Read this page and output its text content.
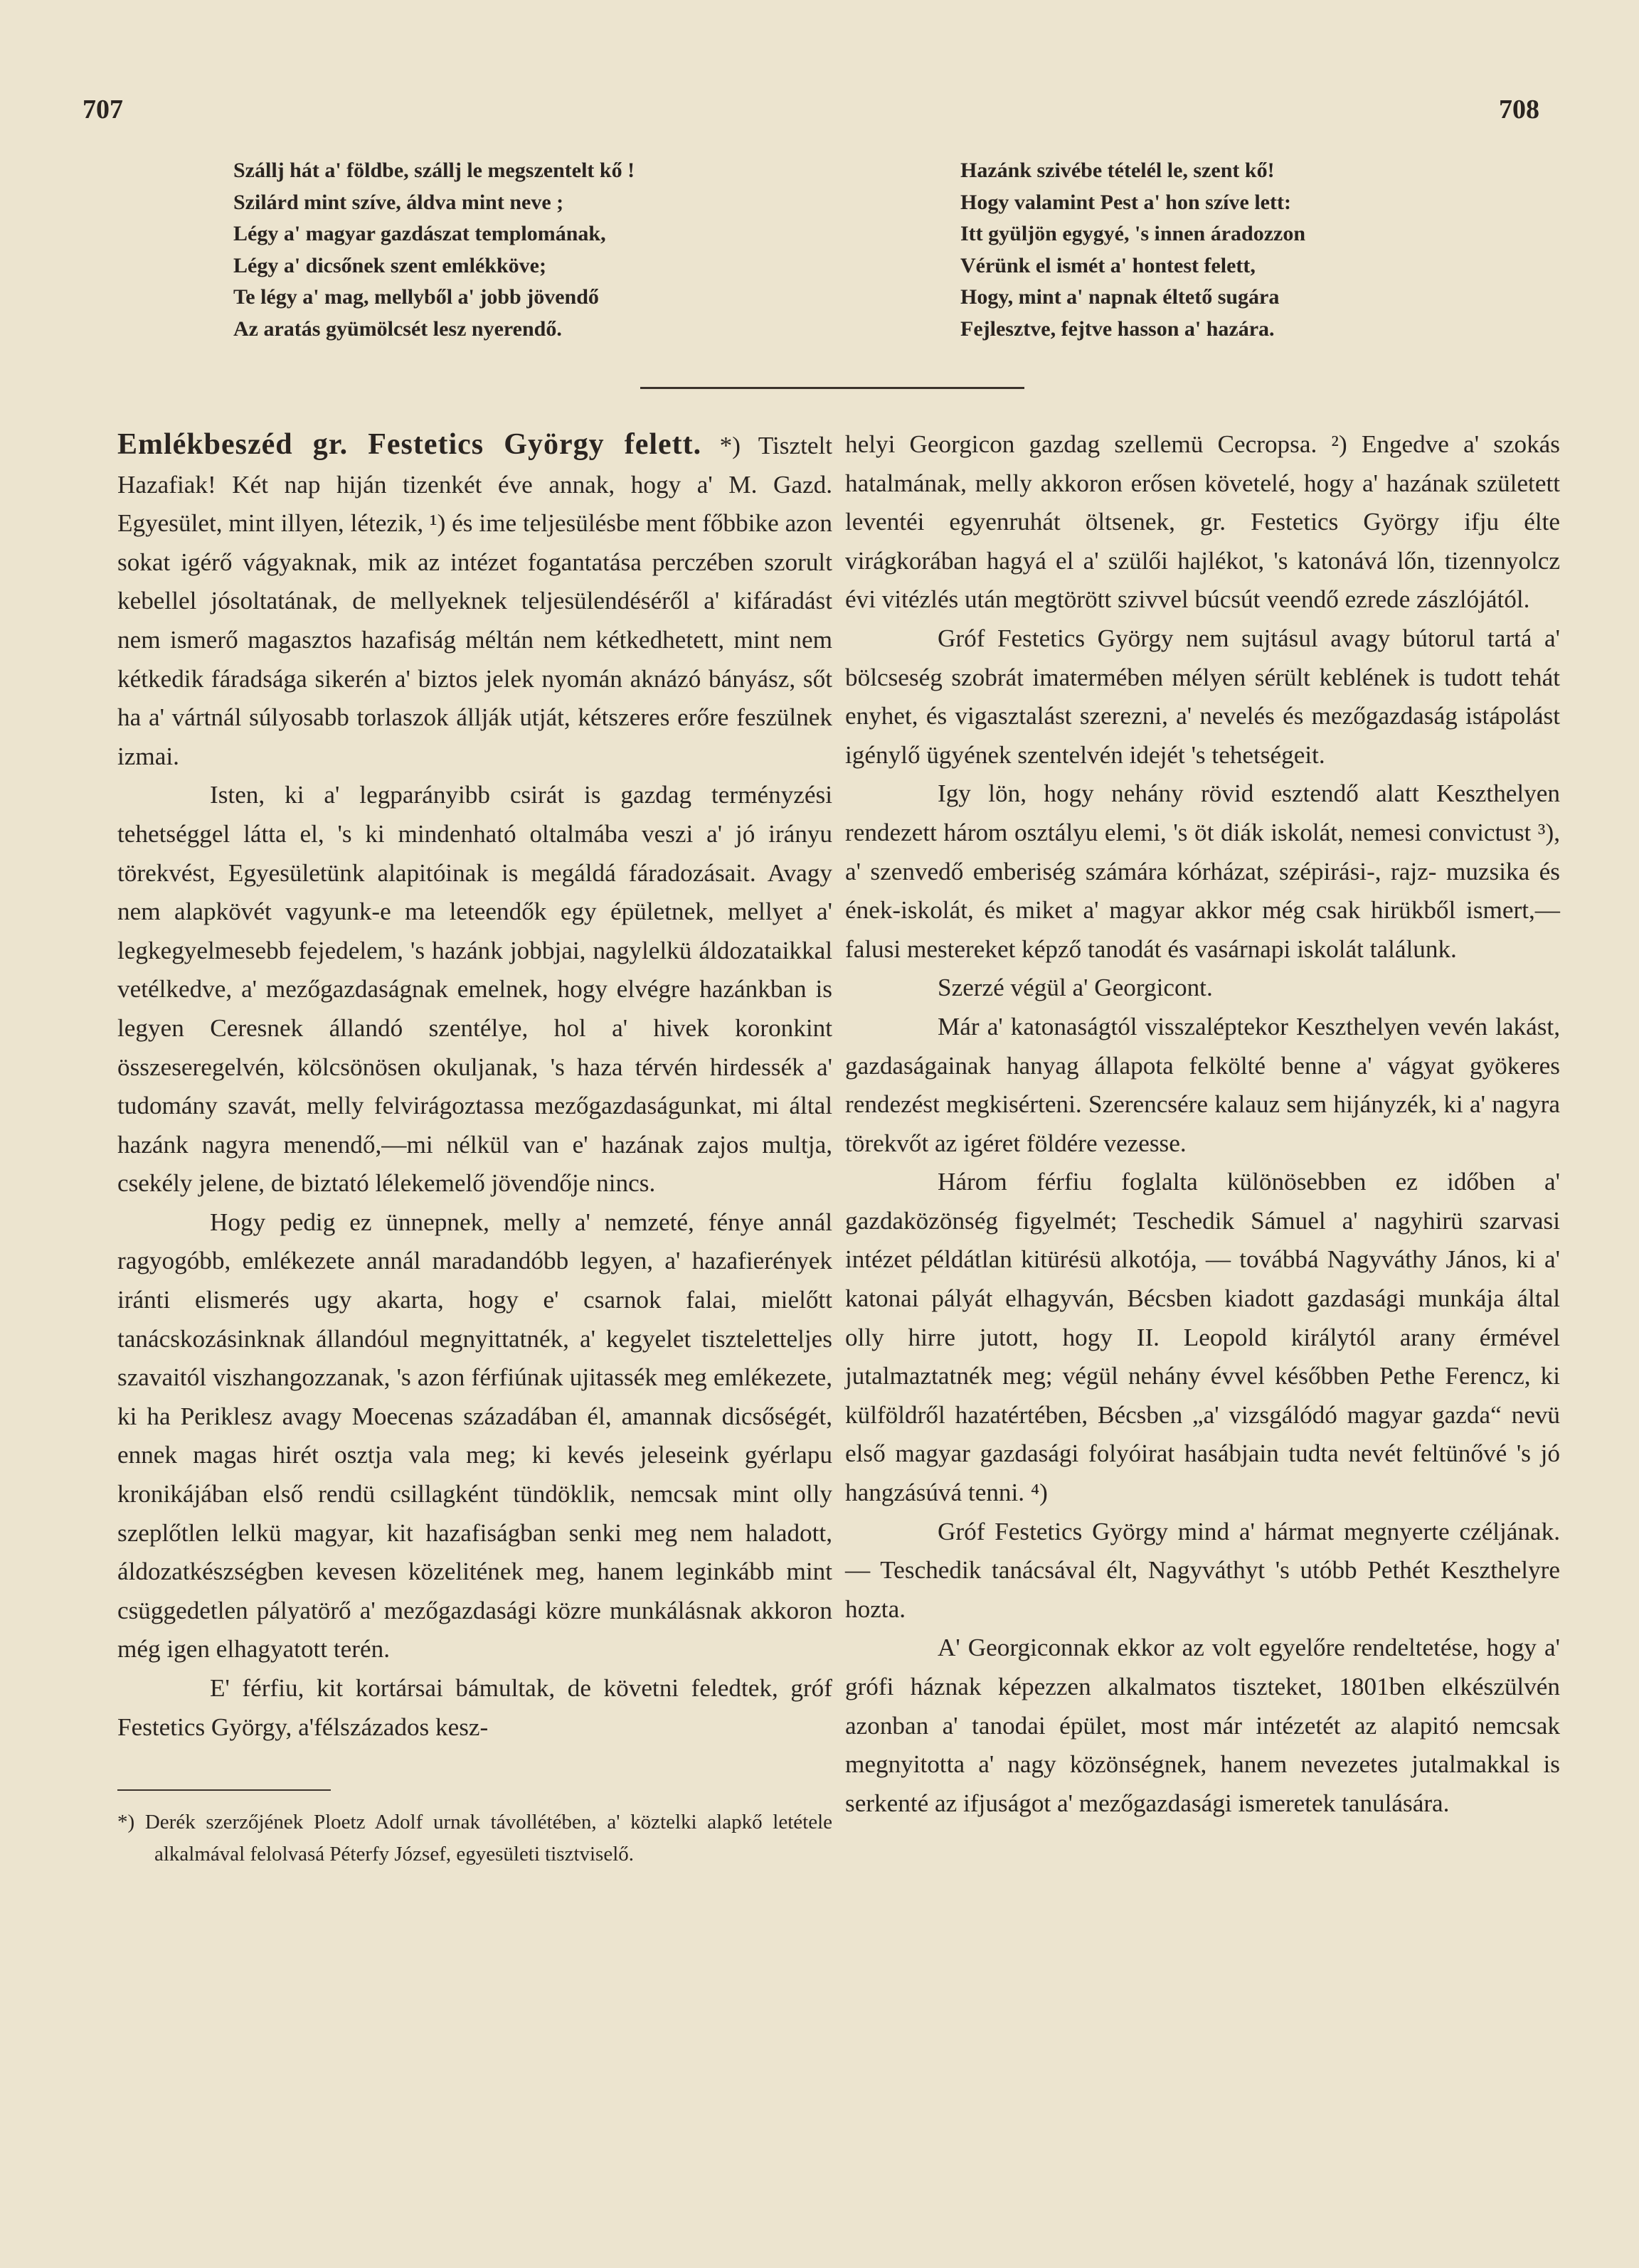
707	708

Szállj hát a' földbe, szállj le megszentelt kő !

Szilárd mint szíve, áldva mint neve ;

Légy a' magyar gazdászat templomának,

Légy a' dicsőnek szent emlékköve;

Te légy a' mag, mellyből a' jobb jövendő

Az aratás gyümölcsét lesz nyerendő.

Hazánk szivébe tételél le, szent kő!

Hogy valamint Pest a' hon szíve lett:

Itt gyüljön egygyé, 's innen áradozzon

Vérünk el ismét a' hontest felett,

Hogy, mint a' napnak éltető sugára

Fejlesztve, fejtve hasson a' hazára.

Emlékbeszéd gr. Festetics György felett. *) Tisztelt Hazafiak! Két nap hiján tizenkét éve annak, hogy a' M. Gazd. Egyesület, mint illyen, létezik, ¹) és ime teljesülésbe ment főbbike azon sokat igérő vágyaknak, mik az intézet fogantatása perczében szorult kebellel jósoltatának, de mellyeknek teljesülendéséről a' kifáradást nem ismerő magasztos hazafiság méltán nem kétkedhetett, mint nem kétkedik fáradsága sikerén a' biztos jelek nyomán aknázó bányász, sőt ha a' vártnál súlyosabb torlaszok állják utját, kétszeres erőre feszülnek izmai.

Isten, ki a' legparányibb csirát is gazdag terményzési tehetséggel látta el, 's ki mindenható oltalmába veszi a' jó irányu törekvést, Egyesületünk alapitóinak is megáldá fáradozásait. Avagy nem alapkövét vagyunk-e ma leteendők egy épületnek, mellyet a' legkegyelmesebb fejedelem, 's hazánk jobbjai, nagylelkü áldozataikkal vetélkedve, a' mezőgazdaságnak emelnek, hogy elvégre hazánkban is legyen Ceresnek állandó szentélye, hol a' hivek koronkint összeseregelvén, kölcsönösen okuljanak, 's haza térvén hirdessék a' tudomány szavát, melly felvirágoztassa mezőgazdaságunkat, mi által hazánk nagyra menendő,—mi nélkül van e' hazának zajos multja, csekély jelene, de biztató lélekemelő jövendője nincs.

Hogy pedig ez ünnepnek, melly a' nemzeté, fénye annál ragyogóbb, emlékezete annál maradandóbb legyen, a' hazafierények iránti elismerés ugy akarta, hogy e' csarnok falai, mielőtt tanácskozásinknak állandóul megnyittatnék, a' kegyelet tiszteletteljes szavaitól viszhangozzanak, 's azon férfiúnak ujitassék meg emlékezete, ki ha Periklesz avagy Moecenas századában él, amannak dicsőségét, ennek magas hirét osztja vala meg; ki kevés jeleseink gyérlapu kronikájában első rendü csillagként tündöklik, nemcsak mint olly szeplőtlen lelkü magyar, kit hazafiságban senki meg nem haladott, áldozatkészségben kevesen közelitének meg, hanem leginkább mint csüggedetlen pályatörő a' mezőgazdasági közre munkálásnak akkoron még igen elhagyatott terén.

E' férfiu, kit kortársai bámultak, de követni feledtek, gróf Festetics György, a'félszázados kesz-

*) Derék szerzőjének Ploetz Adolf urnak távollétében, a' köztelki alapkő letétele alkalmával felolvasá Péterfy József, egyesületi tisztviselő.

helyi Georgicon gazdag szellemü Cecropsa. ²) Engedve a' szokás hatalmának, melly akkoron erősen követelé, hogy a' hazának született leventéi egyenruhát öltsenek, gr. Festetics György ifju élte virágkorában hagyá el a' szülői hajlékot, 's katonává lőn, tizennyolcz évi vitézlés után megtörött szivvel búcsút veendő ezrede zászlójától.

Gróf Festetics György nem sujtásul avagy bútorul tartá a' bölcseség szobrát imatermében mélyen sérült keblének is tudott tehát enyhet, és vigasztalást szerezni, a' nevelés és mezőgazdaság istápolást igénylő ügyének szentelvén idejét 's tehetségeit.

Igy lön, hogy nehány rövid esztendő alatt Keszthelyen rendezett három osztályu elemi, 's öt diák iskolát, nemesi convictust ³), a' szenvedő emberiség számára kórházat, szépirási-, rajz- muzsika és ének-iskolát, és miket a' magyar akkor még csak hirükből ismert,—falusi mestereket képző tanodát és vasárnapi iskolát találunk.

Szerzé végül a' Georgicont.

Már a' katonaságtól visszaléptekor Keszthelyen vevén lakást, gazdaságainak hanyag állapota felkölté benne a' vágyat gyökeres rendezést megkisérteni. Szerencsére kalauz sem hijányzék, ki a' nagyra törekvőt az igéret földére vezesse.

Három férfiu foglalta különösebben ez időben a' gazdaközönség figyelmét; Teschedik Sámuel a' nagyhirü szarvasi intézet példátlan kitürésü alkotója, — továbbá Nagyváthy János, ki a' katonai pályát elhagyván, Bécsben kiadott gazdasági munkája által olly hirre jutott, hogy II. Leopold királytól arany érmével jutalmaztatnék meg; végül nehány évvel későbben Pethe Ferencz, ki külföldről hazatértében, Bécsben „a' vizsgálódó magyar gazda“ nevü első magyar gazdasági folyóirat hasábjain tudta nevét feltünővé 's jó hangzásúvá tenni. ⁴)

Gróf Festetics György mind a' hármat megnyerte czéljának. — Teschedik tanácsával élt, Nagyváthyt 's utóbb Pethét Keszthelyre hozta.

A' Georgiconnak ekkor az volt egyelőre rendeltetése, hogy a' grófi háznak képezzen alkalmatos tiszteket, 1801ben elkészülvén azonban a' tanodai épület, most már intézetét az alapitó nemcsak megnyitotta a' nagy közönségnek, hanem nevezetes jutalmakkal is serkenté az ifjuságot a' mezőgazdasági ismeretek tanulására.
